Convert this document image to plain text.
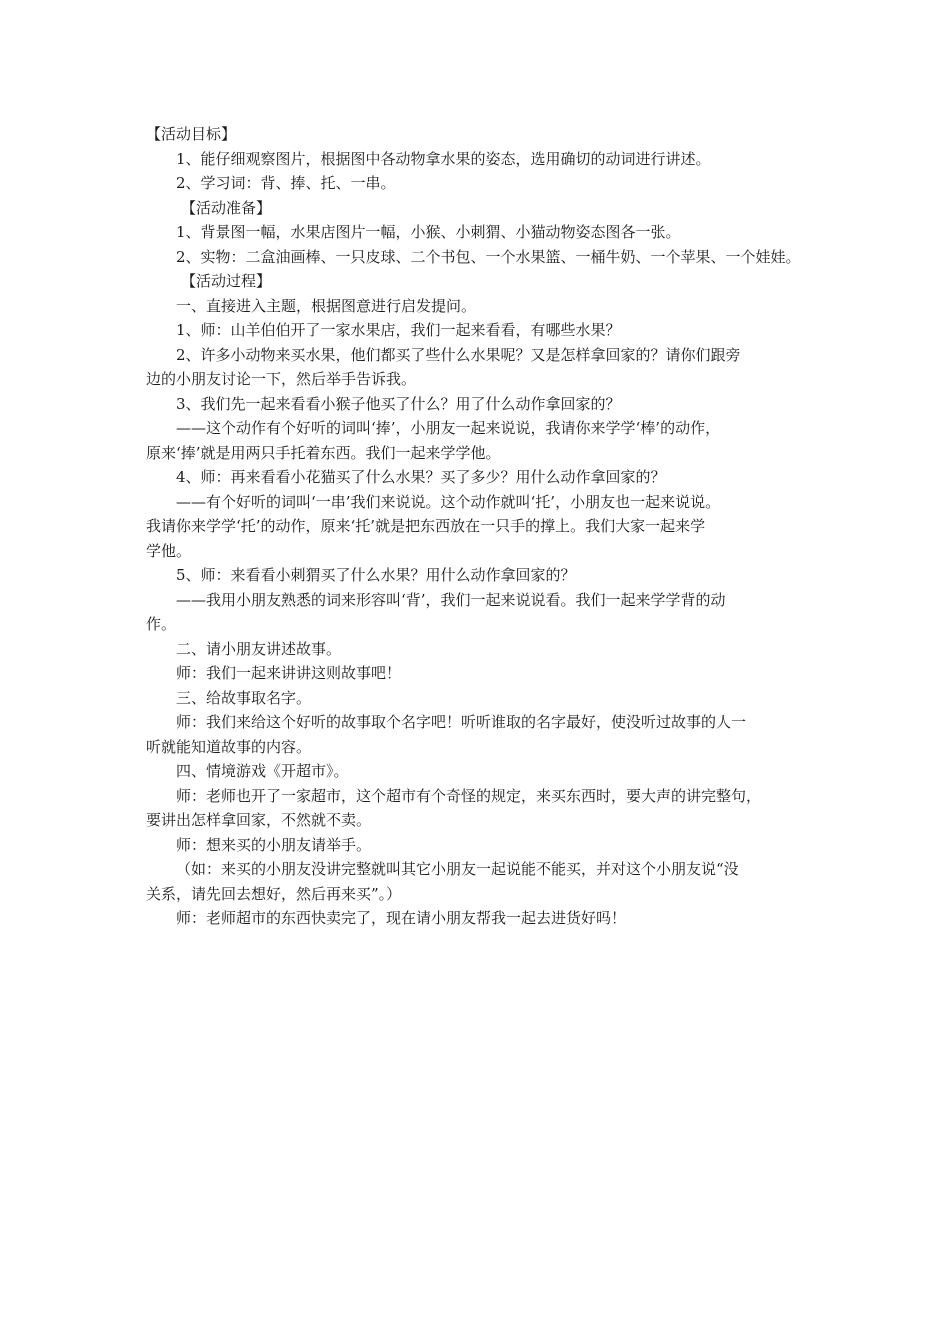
【活动目标】
1、能仔细观察图片，根据图中各动物拿水果的姿态，选用确切的动词进行讲述。
2、学习词：背、捧、托、一串。
【活动准备】
1、背景图一幅，水果店图片一幅，小猴、小刺猬、小猫动物姿态图各一张。
2、实物：二盒油画棒、一只皮球、二个书包、一个水果篮、一桶牛奶、一个苹果、一个娃娃。
【活动过程】
一、直接进入主题，根据图意进行启发提问。
1、师：山羊伯伯开了一家水果店，我们一起来看看，有哪些水果？
2、许多小动物来买水果，他们都买了些什么水果呢？又是怎样拿回家的？请你们跟旁
边的小朋友讨论一下，然后举手告诉我。
3、我们先一起来看看小猴子他买了什么？用了什么动作拿回家的？
——这个动作有个好听的词叫‘捧’，小朋友一起来说说，我请你来学学‘棒’的动作，
原来‘捧’就是用两只手托着东西。我们一起来学学他。
4、师：再来看看小花猫买了什么水果？买了多少？用什么动作拿回家的？
——有个好听的词叫‘一串’我们来说说。这个动作就叫‘托’，小朋友也一起来说说。
我请你来学学‘托’的动作，原来‘托’就是把东西放在一只手的撑上。我们大家一起来学
学他。
5、师：来看看小刺猬买了什么水果？用什么动作拿回家的？
——我用小朋友熟悉的词来形容叫‘背’，我们一起来说说看。我们一起来学学背的动
作。
二、请小朋友讲述故事。
师：我们一起来讲讲这则故事吧！
三、给故事取名字。
师：我们来给这个好听的故事取个名字吧！听听谁取的名字最好，使没听过故事的人一
听就能知道故事的内容。
四、情境游戏《开超市》。
师：老师也开了一家超市，这个超市有个奇怪的规定，来买东西时，要大声的讲完整句，
要讲出怎样拿回家，不然就不卖。
师：想来买的小朋友请举手。
（如：来买的小朋友没讲完整就叫其它小朋友一起说能不能买，并对这个小朋友说“没
关系，请先回去想好，然后再来买”。）
师：老师超市的东西快卖完了，现在请小朋友帮我一起去进货好吗！
